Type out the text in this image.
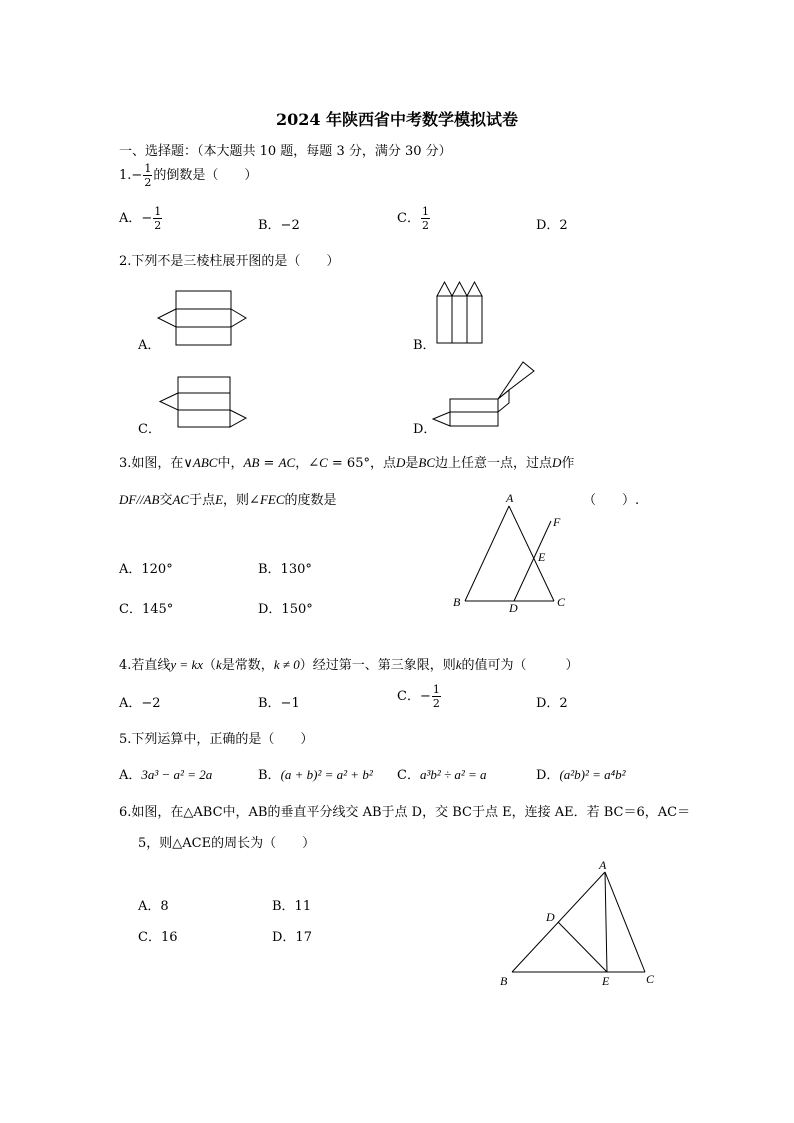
2024 年陕西省中考数学模拟试卷
一、选择题：（本大题共 10 题，每题 3 分，满分 30 分）
$1.- \frac{1}{2}$ 的倒数是（　　）
A．− $\frac{1}{2}$	B．−2	C． $\frac{1}{2}$	D．2
2.下列不是三棱柱展开图的是（　　）
A．	B．
C．	D．
3.如图，在∨ABC中，AB = AC，∠C = 65°，点D是BC边上任意一点，过点D作
DF//AB交AC于点E，则∠FEC的度数是	（　　）.
A
B	C
D
E
F
A．120°	B．130°
C．145°	D．150°
4.若直线y = kx（k是常数，k ≠ 0）经过第一、第三象限，则k的值可为（　　　）
A．−2	B．−1	C．− $\frac{1}{2}$	D．2
5.下列运算中，正确的是（　　）
A．3a³ − a² = 2a	B．(a + b)² = a² + b² C．a³b² ÷ a² = a	D．(a²b)² = a⁴b²
6.如图，在△ABC中，AB的垂直平分线交 AB于点 D，交 BC于点 E，连接 AE．若 BC＝6，AC＝
5，则△ACE的周长为（　　）
A．8	B．11
C．16	D．17
A
B	C
D
E
